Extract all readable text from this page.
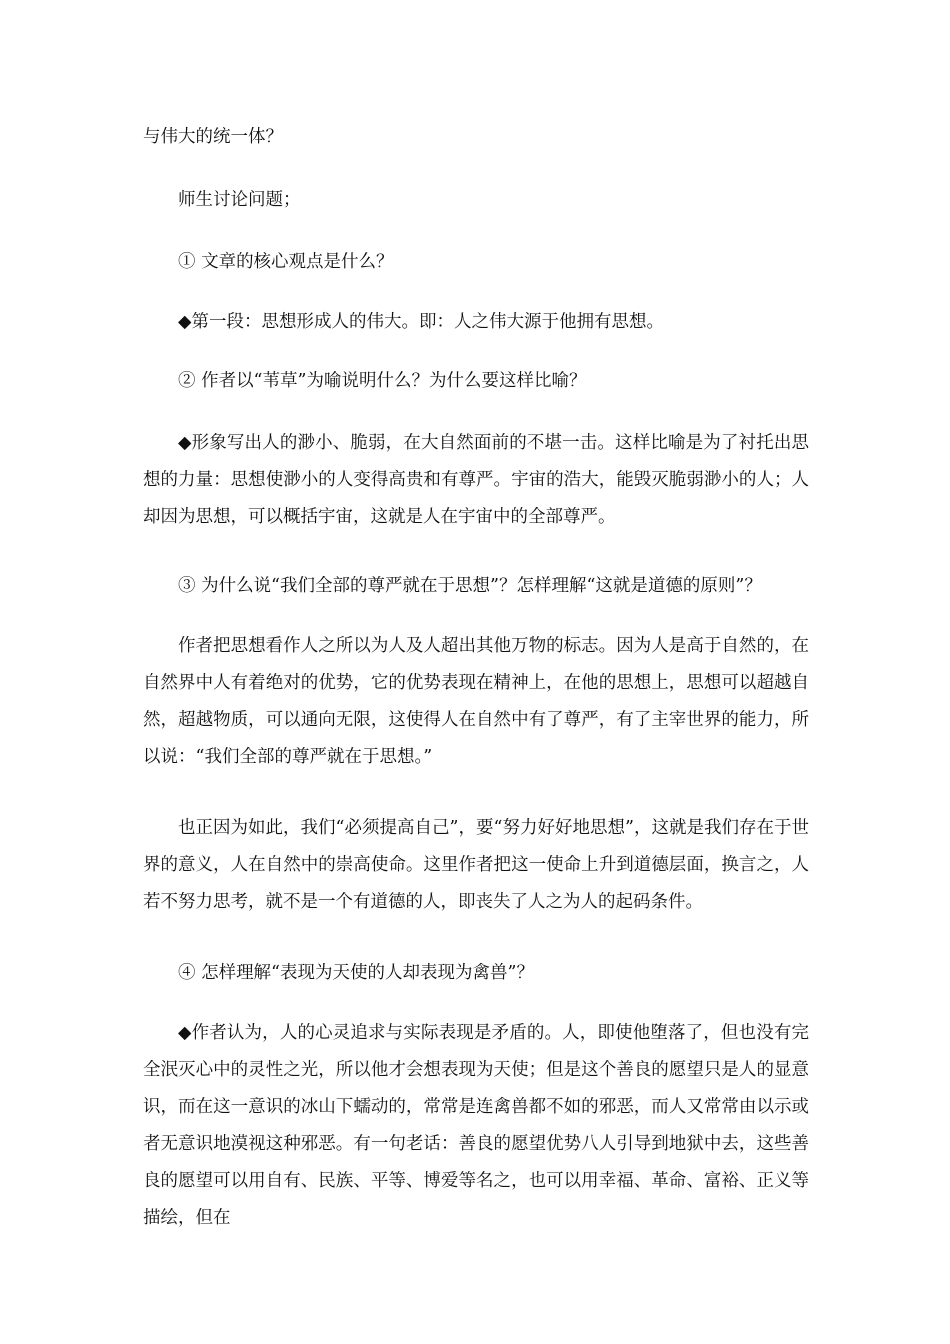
与伟大的统一体？

师生讨论问题；

① 文章的核心观点是什么？

◆第一段：思想形成人的伟大。即：人之伟大源于他拥有思想。

② 作者以“苇草”为喻说明什么？为什么要这样比喻？

◆形象写出人的渺小、脆弱，在大自然面前的不堪一击。这样比喻是为了衬托出思想的力量：思想使渺小的人变得高贵和有尊严。宇宙的浩大，能毁灭脆弱渺小的人；人却因为思想，可以概括宇宙，这就是人在宇宙中的全部尊严。

③ 为什么说“我们全部的尊严就在于思想”？怎样理解“这就是道德的原则”？

作者把思想看作人之所以为人及人超出其他万物的标志。因为人是高于自然的，在自然界中人有着绝对的优势，它的优势表现在精神上，在他的思想上，思想可以超越自然，超越物质，可以通向无限，这使得人在自然中有了尊严，有了主宰世界的能力，所以说：“我们全部的尊严就在于思想。”

也正因为如此，我们“必须提高自己”，要“努力好好地思想”，这就是我们存在于世界的意义，人在自然中的崇高使命。这里作者把这一使命上升到道德层面，换言之，人若不努力思考，就不是一个有道德的人，即丧失了人之为人的起码条件。

④ 怎样理解“表现为天使的人却表现为禽兽”？

◆作者认为，人的心灵追求与实际表现是矛盾的。人，即使他堕落了，但也没有完全泯灭心中的灵性之光，所以他才会想表现为天使；但是这个善良的愿望只是人的显意识，而在这一意识的冰山下蠕动的，常常是连禽兽都不如的邪恶，而人又常常由以示或者无意识地漠视这种邪恶。有一句老话：善良的愿望优势八人引导到地狱中去，这些善良的愿望可以用自有、民族、平等、博爱等名之，也可以用幸福、革命、富裕、正义等描绘，但在
